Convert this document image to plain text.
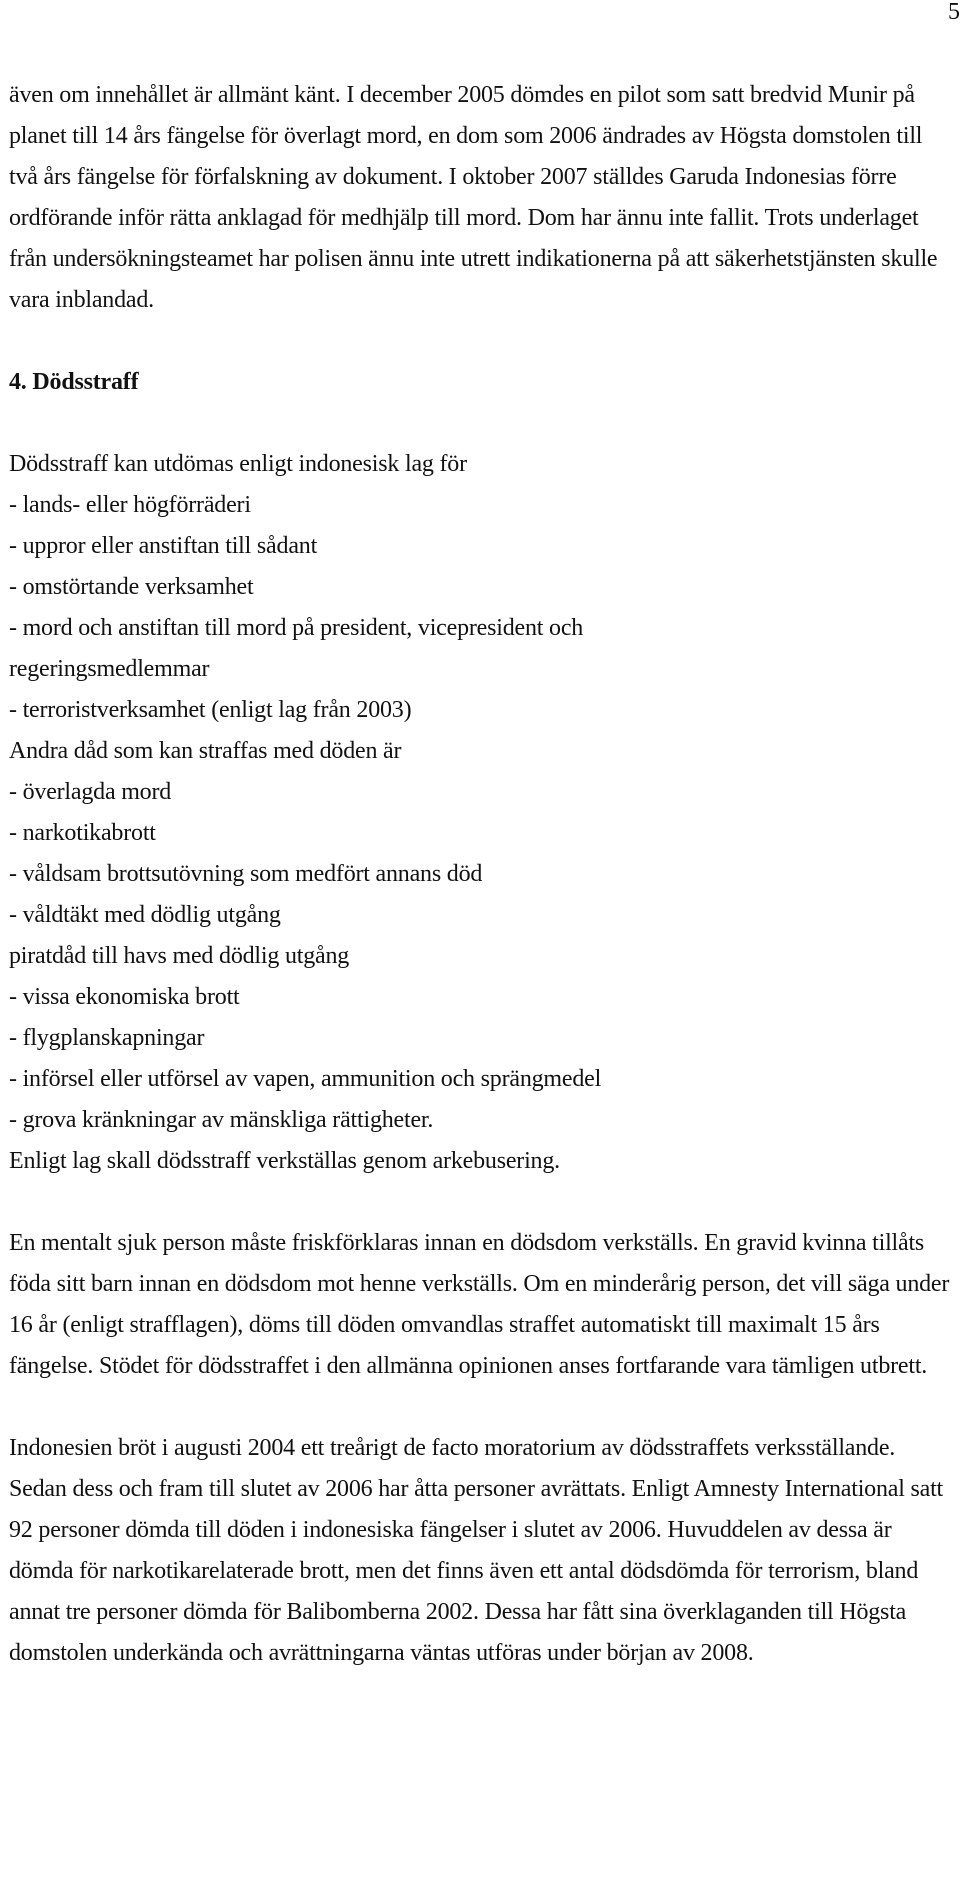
5

även om innehållet är allmänt känt. I december 2005 dömdes en pilot som satt bredvid Munir på planet till 14 års fängelse för överlagt mord, en dom som 2006 ändrades av Högsta domstolen till två års fängelse för förfalskning av dokument. I oktober 2007 ställdes Garuda Indonesias förre ordförande inför rätta anklagad för medhjälp till mord. Dom har ännu inte fallit. Trots underlaget från undersökningsteamet har polisen ännu inte utrett indikationerna på att säkerhetstjänsten skulle vara inblandad.

4. Dödsstraff

Dödsstraff kan utdömas enligt indonesisk lag för

- lands- eller högförräderi

- uppror eller anstiftan till sådant

- omstörtande verksamhet

- mord och anstiftan till mord på president, vicepresident och

regeringsmedlemmar

- terroristverksamhet (enligt lag från 2003)

Andra dåd som kan straffas med döden är

- överlagda mord

- narkotikabrott

- våldsam brottsutövning som medfört annans död

- våldtäkt med dödlig utgång

piratdåd till havs med dödlig utgång

- vissa ekonomiska brott

- flygplanskapningar

- införsel eller utförsel av vapen, ammunition och sprängmedel

- grova kränkningar av mänskliga rättigheter.

Enligt lag skall dödsstraff verkställas genom arkebusering.

En mentalt sjuk person måste friskförklaras innan en dödsdom verkställs. En gravid kvinna tillåts föda sitt barn innan en dödsdom mot henne verkställs. Om en minderårig person, det vill säga under 16 år (enligt strafflagen), döms till döden omvandlas straffet automatiskt till maximalt 15 års fängelse. Stödet för dödsstraffet i den allmänna opinionen anses fortfarande vara tämligen utbrett.

Indonesien bröt i augusti 2004 ett treårigt de facto moratorium av dödsstraffets verksställande. Sedan dess och fram till slutet av 2006 har åtta personer avrättats. Enligt Amnesty International satt 92 personer dömda till döden i indonesiska fängelser i slutet av 2006. Huvuddelen av dessa är dömda för narkotikarelaterade brott, men det finns även ett antal dödsdömda för terrorism, bland annat tre personer dömda för Balibomberna 2002. Dessa har fått sina överklaganden till Högsta domstolen underkända och avrättningarna väntas utföras under början av 2008.
